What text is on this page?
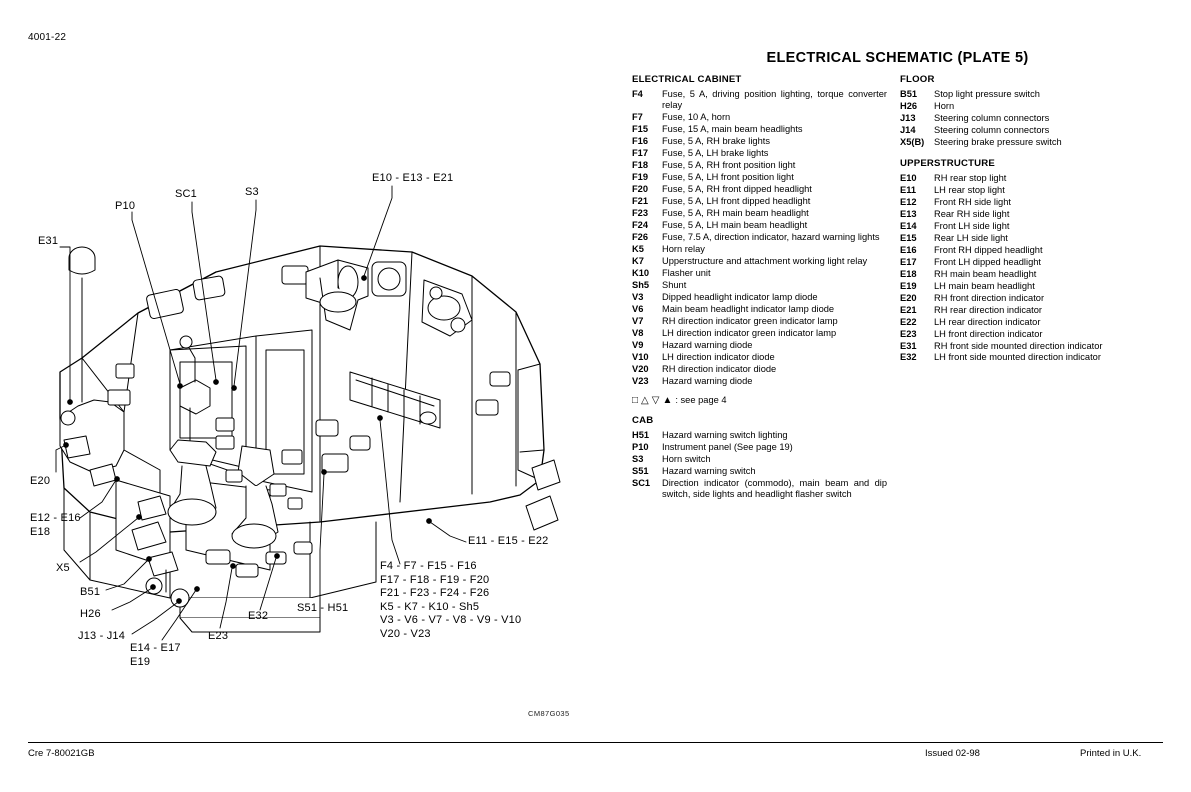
4001-22
ELECTRICAL SCHEMATIC (PLATE 5)
E31
P10
SC1	S3
E10 - E13 - E21
E20
E12 - E16
E18
X5
B51
H26
J13 - J14
E14 - E17
E19
E23
E32
S51 - H51
E11 - E15 - E22
F4 - F7 - F15 - F16
F17 - F18 - F19 - F20
F21 - F23 - F24 - F26
K5 - K7 - K10 - Sh5
V3 - V6 - V7 - V8 - V9 - V10
V20 - V23
ELECTRICAL CABINET
F4	Fuse, 5 A, driving position lighting, torque converter relay
F7	Fuse, 10 A, horn
F15	Fuse, 15 A, main beam headlights
F16	Fuse, 5 A, RH brake lights
F17	Fuse, 5 A, LH brake lights
F18	Fuse, 5 A, RH front position light
F19	Fuse, 5 A, LH front position light
F20	Fuse, 5 A, RH front dipped headlight
F21	Fuse, 5 A, LH front dipped headlight
F23	Fuse, 5 A, RH main beam headlight
F24	Fuse, 5 A, LH main beam headlight
F26	Fuse, 7.5 A, direction indicator, hazard warning lights
K5	Horn relay
K7	Upperstructure and attachment working light relay
K10	Flasher unit
Sh5	Shunt
V3	Dipped headlight indicator lamp diode
V6	Main beam headlight indicator lamp diode
V7	RH direction indicator green indicator lamp
V8	LH direction indicator green indicator lamp
V9	Hazard warning diode
V10	LH direction indicator diode
V20	RH direction indicator diode
V23	Hazard warning diode
□ △ ▽ ▲ : see page 4
CAB
H51	Hazard warning switch lighting
P10	Instrument panel (See page 19)
S3	Horn switch
S51	Hazard warning switch
SC1	Direction indicator (commodo), main beam and dip switch, side lights and headlight flasher switch
FLOOR
B51	Stop light pressure switch
H26	Horn
J13	Steering column connectors
J14	Steering column connectors
X5(B)	Steering brake pressure switch
UPPERSTRUCTURE
E10	RH rear stop light
E11	LH rear stop light
E12	Front RH side light
E13	Rear RH side light
E14	Front LH side light
E15	Rear LH side light
E16	Front RH dipped headlight
E17	Front LH dipped headlight
E18	RH main beam headlight
E19	LH main beam headlight
E20	RH front direction indicator
E21	RH rear direction indicator
E22	LH rear direction indicator
E23	LH front direction indicator
E31	RH front side mounted direction indicator
E32	LH front side mounted direction indicator
CM87G035
Cre 7-80021GB	Issued 02-98	Printed in U.K.
